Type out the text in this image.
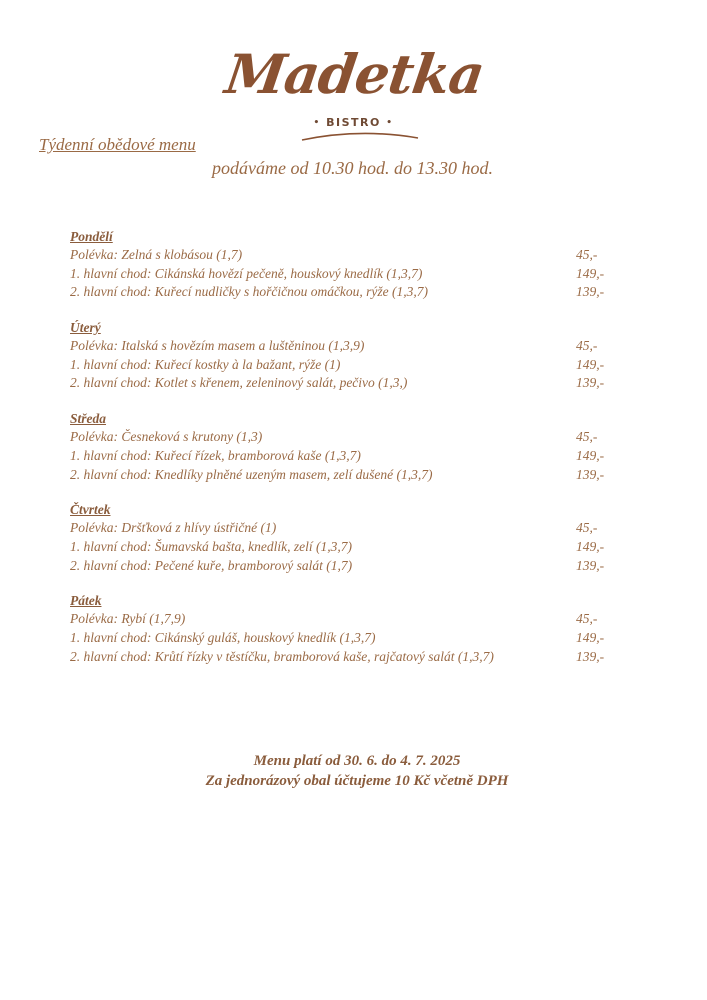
Madetka
• BISTRO •
Týdenní obědové menu
podáváme od 10.30 hod. do 13.30 hod.
Pondělí
Polévka: Zelná s klobásou (1,7)	45,-
1. hlavní chod: Cikánská hovězí pečeně, houskový knedlík (1,3,7)	149,-
2. hlavní chod: Kuřecí nudličky s hořčičnou omáčkou, rýže (1,3,7)	139,-
Úterý
Polévka: Italská s hovězím masem a luštěninou (1,3,9)	45,-
1. hlavní chod: Kuřecí kostky à la bažant, rýže (1)	149,-
2. hlavní chod: Kotlet s křenem, zeleninový salát, pečivo (1,3,)	139,-
Středa
Polévka: Česneková s krutony (1,3)	45,-
1. hlavní chod: Kuřecí řízek, bramborová kaše (1,3,7)	149,-
2. hlavní chod: Knedlíky plněné uzeným masem, zelí dušené (1,3,7)	139,-
Čtvrtek
Polévka: Dršťková z hlívy ústřičné (1)	45,-
1. hlavní chod: Šumavská bašta, knedlík, zelí (1,3,7)	149,-
2. hlavní chod: Pečené kuře, bramborový salát (1,7)	139,-
Pátek
Polévka: Rybí (1,7,9)	45,-
1. hlavní chod: Cikánský guláš, houskový knedlík (1,3,7)	149,-
2. hlavní chod: Krůtí řízky v těstíčku, bramborová kaše, rajčatový salát (1,3,7)	139,-
Menu platí od 30. 6. do 4. 7. 2025
Za jednorázový obal účtujeme 10 Kč včetně DPH
